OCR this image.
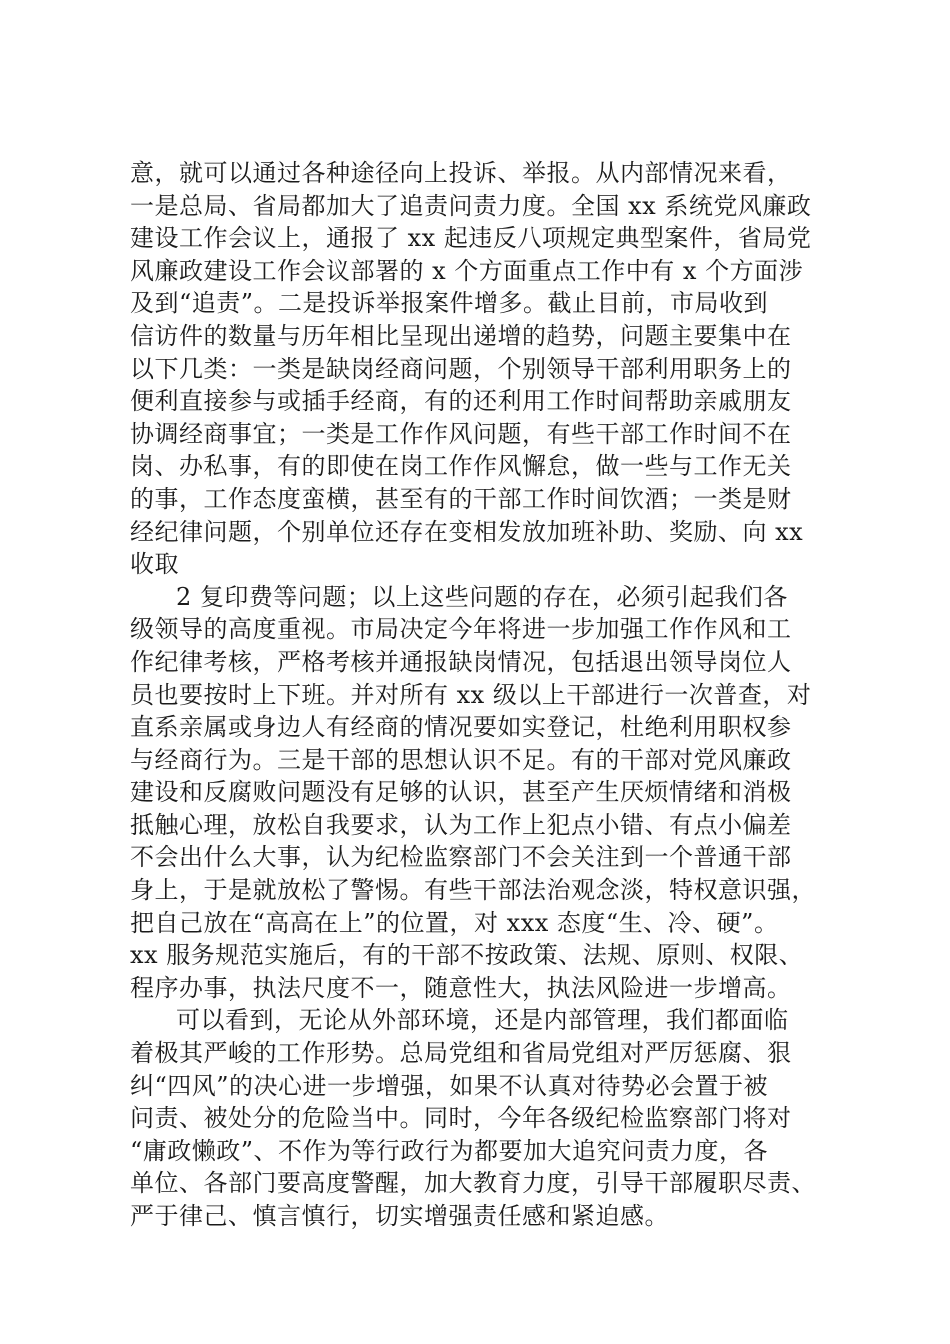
意，就可以通过各种途径向上投诉、举报。从内部情况来看，
一是总局、省局都加大了追责问责力度。全国 xx 系统党风廉政
建设工作会议上，通报了 xx 起违反八项规定典型案件，省局党
风廉政建设工作会议部署的 x 个方面重点工作中有 x 个方面涉
及到“追责”。二是投诉举报案件增多。截止目前，市局收到
信访件的数量与历年相比呈现出递增的趋势，问题主要集中在
以下几类：一类是缺岗经商问题，个别领导干部利用职务上的
便利直接参与或插手经商，有的还利用工作时间帮助亲戚朋友
协调经商事宜；一类是工作作风问题，有些干部工作时间不在
岗、办私事，有的即使在岗工作作风懈怠，做一些与工作无关
的事，工作态度蛮横，甚至有的干部工作时间饮酒；一类是财
经纪律问题，个别单位还存在变相发放加班补助、奖励、向 xx
收取
2 复印费等问题；以上这些问题的存在，必须引起我们各
级领导的高度重视。市局决定今年将进一步加强工作作风和工
作纪律考核，严格考核并通报缺岗情况，包括退出领导岗位人
员也要按时上下班。并对所有 xx 级以上干部进行一次普查，对
直系亲属或身边人有经商的情况要如实登记，杜绝利用职权参
与经商行为。三是干部的思想认识不足。有的干部对党风廉政
建设和反腐败问题没有足够的认识，甚至产生厌烦情绪和消极
抵触心理，放松自我要求，认为工作上犯点小错、有点小偏差
不会出什么大事，认为纪检监察部门不会关注到一个普通干部
身上，于是就放松了警惕。有些干部法治观念淡，特权意识强，
把自己放在“高高在上”的位置，对 xxx 态度“生、冷、硬”。
xx 服务规范实施后，有的干部不按政策、法规、原则、权限、
程序办事，执法尺度不一，随意性大，执法风险进一步增高。
可以看到，无论从外部环境，还是内部管理，我们都面临
着极其严峻的工作形势。总局党组和省局党组对严厉惩腐、狠
纠“四风”的决心进一步增强，如果不认真对待势必会置于被
问责、被处分的危险当中。同时，今年各级纪检监察部门将对
“庸政懒政”、不作为等行政行为都要加大追究问责力度，各
单位、各部门要高度警醒，加大教育力度，引导干部履职尽责、
严于律己、慎言慎行，切实增强责任感和紧迫感。
